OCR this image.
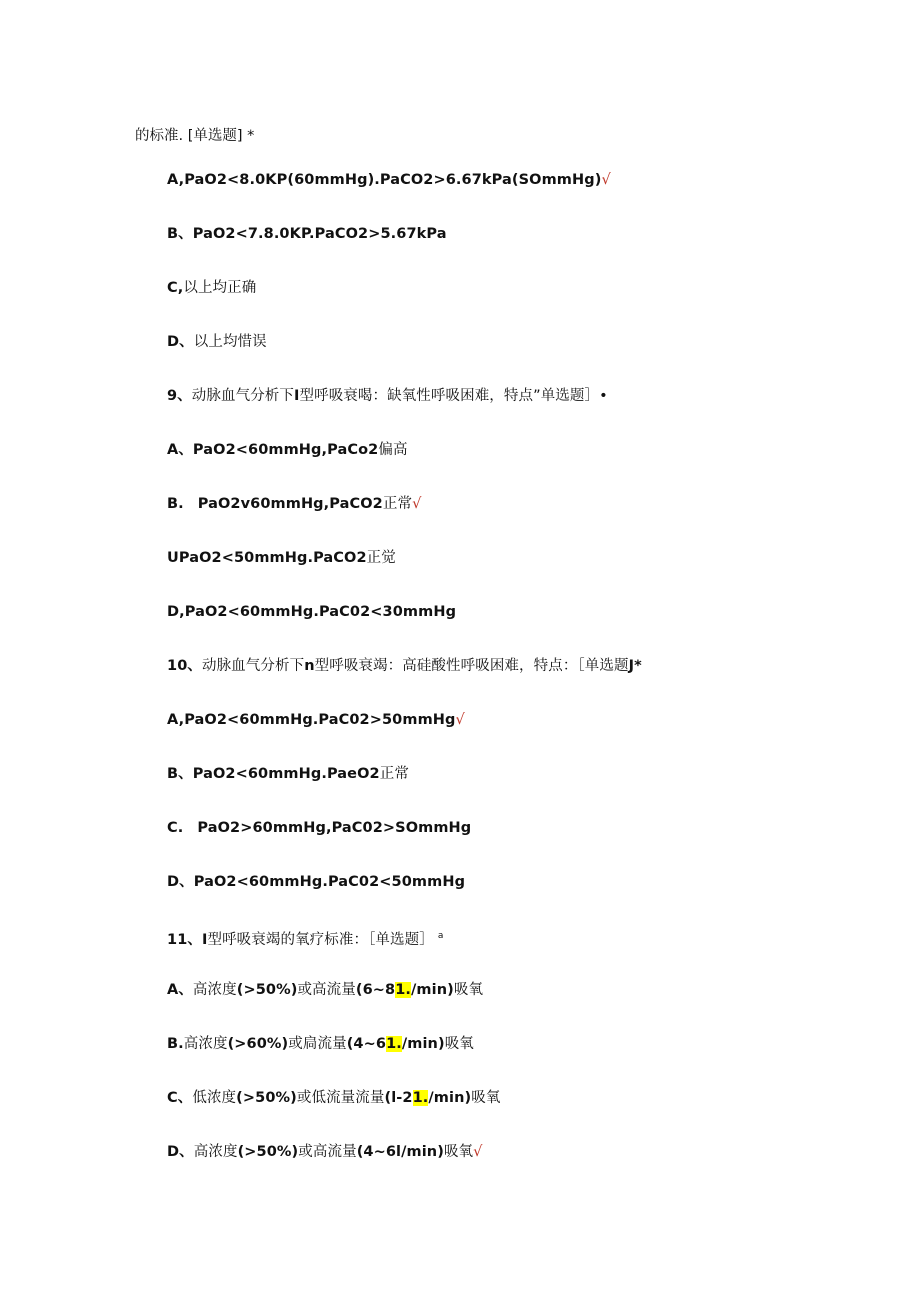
的标准. [单选题] *
A,PaO2<8.0KP(60mmHg).PaCO2>6.67kPa(SOmmHg)√
B、PaO2<7.8.0KP.PaCO2>5.67kPa
C,以上均正确
D、以上均惜误
9、动脉血气分析下I型呼吸衰喝：缺氧性呼吸困难，特点”单选题］•
A、PaO2<60mmHg,PaCo2偏高
B. PaO2v60mmHg,PaCO2正常√
UPaO2<50mmHg.PaCO2正觉
D,PaO2<60mmHg.PaC02<30mmHg
10、动脉血气分析下n型呼吸衰竭：高硅酸性呼吸困难，特点：［单选题J*
A,PaO2<60mmHg.PaC02>50mmHg√
B、PaO2<60mmHg.PaeO2正常
C. PaO2>60mmHg,PaC02>SOmmHg
D、PaO2<60mmHg.PaC02<50mmHg
11、I型呼吸衰竭的氧疗标准：［单选题］ $^a$
A、高浓度(>50%)或高流量(6~81./min)吸氧
B.高浓度(>60%)或扃流量(4~61./min)吸氧
C、低浓度(>50%)或低流量流量(l-21./min)吸氧
D、高浓度(>50%)或高流量(4~6l/min)吸氧√
